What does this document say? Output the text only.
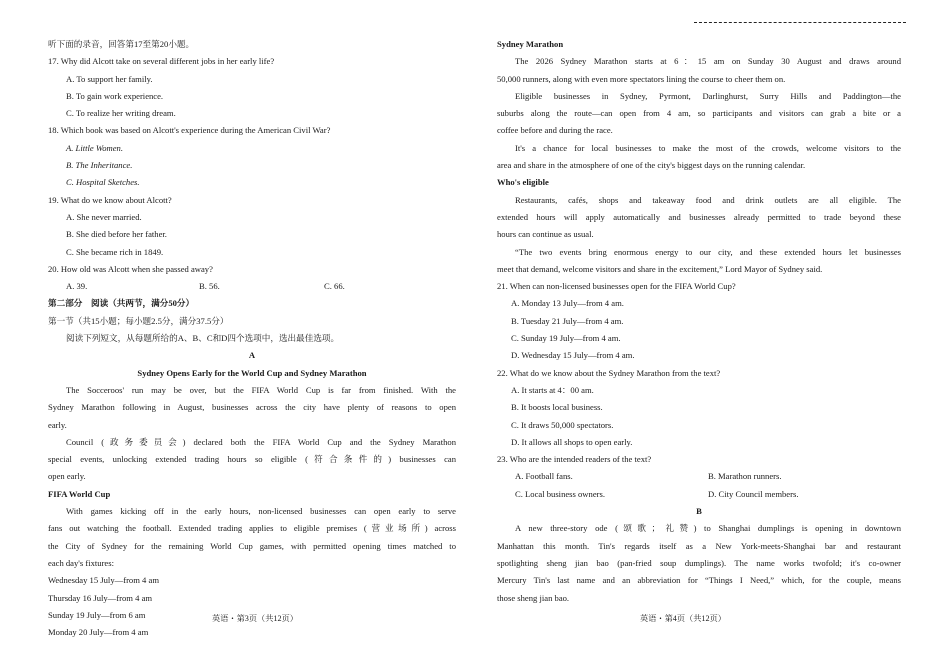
听下面的录音，回答第17至第20小题。
17. Why did Alcott take on several different jobs in her early life?
A. To support her family.
B. To gain work experience.
C. To realize her writing dream.
18. Which book was based on Alcott's experience during the American Civil War?
A. Little Women.
B. The Inheritance.
C. Hospital Sketches.
19. What do we know about Alcott?
A. She never married.
B. She died before her father.
C. She became rich in 1849.
20. How old was Alcott when she passed away?
A. 39.	B. 56.	C. 66.
第二部分　阅读（共两节，满分50分）
第一节（共15小题；每小题2.5分，满分37.5分）
阅读下列短文，从每题所给的A、B、C和D四个选项中，选出最佳选项。
A
Sydney Opens Early for the World Cup and Sydney Marathon
The Socceroos' run may be over, but the FIFA World Cup is far from finished. With the
Sydney Marathon following in August, businesses across the city have plenty of reasons to open
early.
Council (政务委员会) declared both the FIFA World Cup and the Sydney Marathon
special events, unlocking extended trading hours so eligible (符合条件的) businesses can
open early.
FIFA World Cup
With games kicking off in the early hours, non-licensed businesses can open early to serve
fans out watching the football. Extended trading applies to eligible premises (营业场所) across
the City of Sydney for the remaining World Cup games, with permitted opening times matched to
each day's fixtures:
Wednesday 15 July—from 4 am
Thursday 16 July—from 4 am
Sunday 19 July—from 6 am
Monday 20 July—from 4 am
Sydney Marathon
The 2026 Sydney Marathon starts at 6：15 am on Sunday 30 August and draws around
50,000 runners, along with even more spectators lining the course to cheer them on.
Eligible businesses in Sydney, Pyrmont, Darlinghurst, Surry Hills and Paddington—the
suburbs along the route—can open from 4 am, so participants and visitors can grab a bite or a
coffee before and during the race.
It's a chance for local businesses to make the most of the crowds, welcome visitors to the
area and share in the atmosphere of one of the city's biggest days on the running calendar.
Who's eligible
Restaurants, cafés, shops and takeaway food and drink outlets are all eligible. The
extended hours will apply automatically and businesses already permitted to trade beyond these
hours can continue as usual.
“The two events bring enormous energy to our city, and these extended hours let businesses
meet that demand, welcome visitors and share in the excitement,” Lord Mayor of Sydney said.
21. When can non-licensed businesses open for the FIFA World Cup?
A. Monday 13 July—from 4 am.
B. Tuesday 21 July—from 4 am.
C. Sunday 19 July—from 4 am.
D. Wednesday 15 July—from 4 am.
22. What do we know about the Sydney Marathon from the text?
A. It starts at 4：00 am.
B. It boosts local business.
C. It draws 50,000 spectators.
D. It allows all shops to open early.
23. Who are the intended readers of the text?
A. Football fans.	B. Marathon runners.
C. Local business owners.	D. City Council members.
B
A new three-story ode (颂歌；礼赞) to Shanghai dumplings is opening in downtown
Manhattan this month. Tin's regards itself as a New York-meets-Shanghai bar and restaurant
spotlighting sheng jian bao (pan-fried soup dumplings). The name works twofold; it's co-owner
Mercury Tin's last name and an abbreviation for “Things I Need,” which, for the couple, means
those sheng jian bao.
英语・第3页（共12页）	英语・第4页（共12页）
